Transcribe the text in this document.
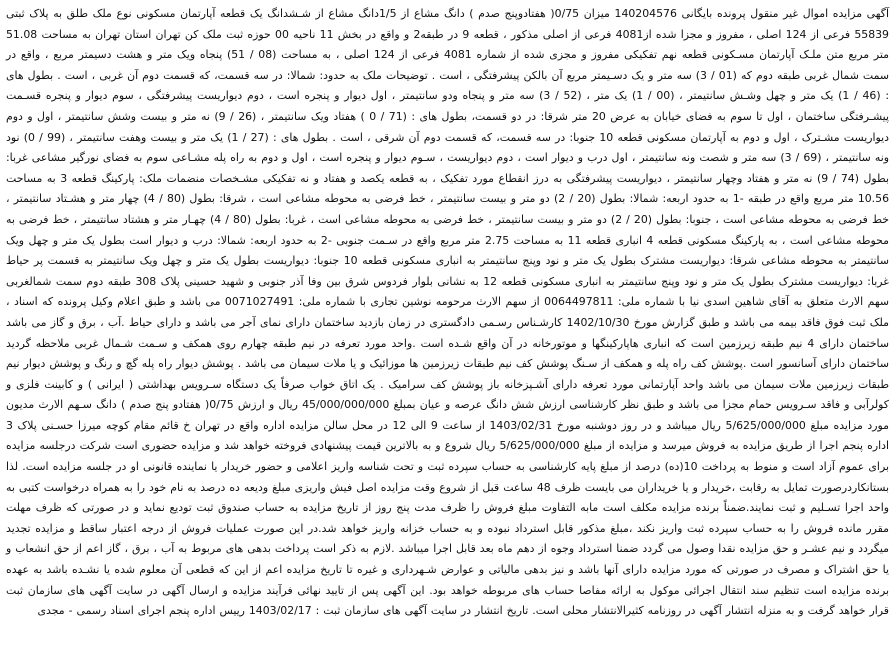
آگهی مزایده اموال غیر منقول پرونده بایگانی 140204576 میزان 0/75( هفتادوپنج صدم ) دانگ مشاع از 1/5دانگ مشاع از شـشدانگ یک قطعه آپارتمان مسکونی نوع ملک طلق به پلاک ثبتی 55839 فرعی از 124 اصلی ، مفروز و مجزا شده از4081 فرعی از اصلی مذکور ، قطعه 9 در طبقه2 و واقع در بخش 11 ناحیه 00 حوزه ثبت ملک کن تهران استان تهران به مساحت 51.08 متر مربع متن ملـک آپارتمان مسـکونی قطعه نهم تفکیکی مفروز و مجزی شده از شماره 4081 فرعی از 124 اصلی ، به مساحت (08 / 51) پنجاه ویک متر و هشت دسیمتر مربع ، واقع در سمت شمال غربی طبقه دوم که (01 / 3) سه متر و یک دسـیمتر مربع آن بالکن پیشرفتگی ، است . توضیحات ملک به حدود: شمالا: در سه قسمت، که قسمت دوم آن غربی ، است . بطول های : (46 / 1) یک متر و چهل وشـش سانتیمتر ، (00 / 1) یک متر ، (52 / 3) سه متر و پنجاه ودو سانتیمتر ، اول دیوار و پنجره است ، دوم دیواریست پیشرفتگی ، سوم دیوار و پنجره قسـمت پیشـرفتگی ساختمان ، اول تا سوم به فضای خیابان به عرض 20 متر شرقا: در دو قسمت، بطول های : (71 / 0 ) هفتاد ویک سانتیمتر ، (26 / 9) نه متر و بیست وشش سانتیمتر ، اول و دوم دیواریست مشـترک ، اول و دوم به آپارتمان مسکونی قطعه 10 جنوبا: در سه قسمت، که قسمت دوم آن شرقی ، است . بطول های : (27 / 1) یک متر و بیست وهفت سانتیمتر ، (99 / 0) نود ونه سانتیمتر ، (69 / 3) سه متر و شصت ونه سانتیمتر ، اول درب و دیوار است ، دوم دیواریست ، سـوم دیوار و پنجره است ، اول و دوم به راه پله مشـاعی سوم به فضای نورگیر مشاعی غربا: بطول (74 / 9) نه متر و هفتاد وچهار سانتیمتر ، دیواریست پیشرفتگی به درز انقطاع مورد تفکیک ، به قطعه یکصد و هفتاد و نه تفکیکی مشـخصات منضمات ملک: پارکینگ قطعه 3 به مساحت 10.56 متر مربع واقع در طبقه -1 به حدود اربعه: شمالا: بطول (20 / 2) دو متر و بیست سانتیمتر ، خط فرضی به محوطه مشاعی است ، شرقا: بطول (80 / 4) چهار متر و هشـتاد سانتیمتر ، خط فرضی به محوطه مشاعی است ، جنوبا: بطول (20 / 2) دو متر و بیست سانتیمتر ، خط فرضی به محوطه مشاعی است ، غربا: بطول (80 / 4) چهـار متر و هشتاد سانتیمتر ، خط فرضی به محوطه مشاعی است ، به پارکینگ مسکونی قطعه 4 انباری قطعه 11 به مساحت 2.75 متر مربع واقع در سـمت جنوبی -2 به حدود اربعه: شمالا: درب و دیوار است بطول یک متر و چهل ویک سانتیمتر به محوطه مشاعی شرقا: دیواریست مشترک بطول یک متر و نود وپنج سانتیمتر به انباری مسکونی قطعه 10 جنوبا: دیواریست بطول یک متر و چهل ویک سانتیمتر به قسمت پر حیاط غربا: دیواریست مشترک بطول یک متر و نود وپنج سانتیمتر به انباری مسکونی قطعه 12 به نشانی بلوار فردوس شرق بین وفا آذر جنوبی و شهید حسینی پلاک 308 طبقه دوم سمت شمالغربی سهم الارث متعلق به آقای شاهین اسدی نیا با شماره ملی: 0064497811 از سهم الارث مرحومه نوشین تجاری با شماره ملی: 0071027491 می باشد و طبق اعلام وکیل پرونده که اسناد ، ملک ثبت فوق فاقد بیمه می باشد و طبق گزارش مورخ 1402/10/30 کارشـناس رسـمی دادگستری در زمان بازدید ساختمان دارای نمای آجر می باشد و دارای حیاط .آب ، برق و گاز می باشد ساختمان دارای 4 نیم طبقه زیرزمین است که انباری هاپارکینگها و موتورخانه در آن واقع شـده است .واحد مورد تعرفه در نیم طبقه چهارم روی همکف و سـمت شـمال غربی ملاحظه گردید ساختمان دارای آسانسور است .پوشش کف راه پله و همکف از سـنگ پوشش کف نیم طبقات زیرزمین ها موزائیک و یا ملات سیمان می باشد . پوشش دیوار راه پله گچ و رنگ و پوشش دیوار نیم طبقات زیرزمین ملات سیمان می باشد واحد آپارتمانی مورد تعرفه دارای آشـپزخانه باز پوشش کف سرامیک . یک اتاق خواب صرفاً یک دستگاه سـرویس بهداشتی ( ایرانی ) و کابینت فلزی و کولرآبی و فاقد سـرویس حمام مجزا می باشد و طبق نظر کارشناسی ارزش شش دانگ عرصه و عیان بمبلغ 45/000/000/000 ریال و ارزش 0/75( هفتادو پنج صدم ) دانگ سـهم الارث مدیون مورد مزایده مبلغ 5/625/000/000 ریال میباشد و در روز دوشنبه مورخ 1403/02/31 از ساعت 9 الی 12 در محل سالن مزایده اداره واقع در تهران خ قائم مقام کوچه میرزا حسـنی پلاک 3 اداره پنجم اجرا از طریق مزایده به فروش میرسد و مزایده از مبلغ 5/625/000/000 ریال شروع و به بالاترین قیمت پیشنهادی فروخته خواهد شد و مزایده حضوری است شرکت درجلسه مزایده برای عموم آزاد است و منوط به پرداخت 10(ده) درصد از مبلغ پایه کارشناسی به حساب سپرده ثبت و تحت شناسه واریز اعلامی و حضور خریدار یا نماینده قانونی او در جلسه مزایده است. لذا بستانکاردرصورت تمایل به رقابت ،خریدار و یا خریداران می بایست ظرف 48 ساعت قبل از شروع وقت مزایده اصل فیش واریزی مبلغ ودیعه ده درصد به نام خود را به همراه درخواست کتبی به واحد اجرا تسـلیم و ثبت نمایند.ضمناً برنده مزایده مکلف است مابه التفاوت مبلغ فروش را ظرف مدت پنج روز از تاریخ مزایده به حساب صندوق ثبت تودیع نماید و در صورتی که ظرف مهلت مقرر مانده فروش را به حساب سپرده ثبت واریز نکند ،مبلغ مذکور قابل استرداد نبوده و به حساب خزانه واریز خواهد شد.در این صورت عملیات فروش از درجه اعتبار ساقط و مزایده تجدید میگردد و نیم عشـر و حق مزایده نقدا وصول می گردد ضمنا استرداد وجوه از دهم ماه بعد قابل اجرا میباشد .لازم به ذکر است پرداخت بدهی های مربوط به آب ، برق ، گاز اعم از حق انشعاب و یا حق اشتراک و مصرف در صورتی که مورد مزایده دارای آنها باشد و نیز بدهی مالیاتی و عوارض شـهرداری و غیره تا تاریخ مزایده اعم از این که قطعی آن معلوم شده یا نشـده باشد به عهده برنده مزایده است تنظیم سند انتقال اجرائی موکول به ارائه مفاصا حساب های مربوطه خواهد بود. این آگهی پس از تایید نهائی فرآیند مزایده و ارسال آگهی در سایت آگهی های سازمان ثبت قرار خواهد گرفت و به منزله انتشار آگهی در روزنامه کثیرالانتشار محلی است. تاریخ انتشار در سایت آگهی های سازمان ثبت : 1403/02/17 رییس اداره پنجم اجرای اسناد رسمی - مجدی
